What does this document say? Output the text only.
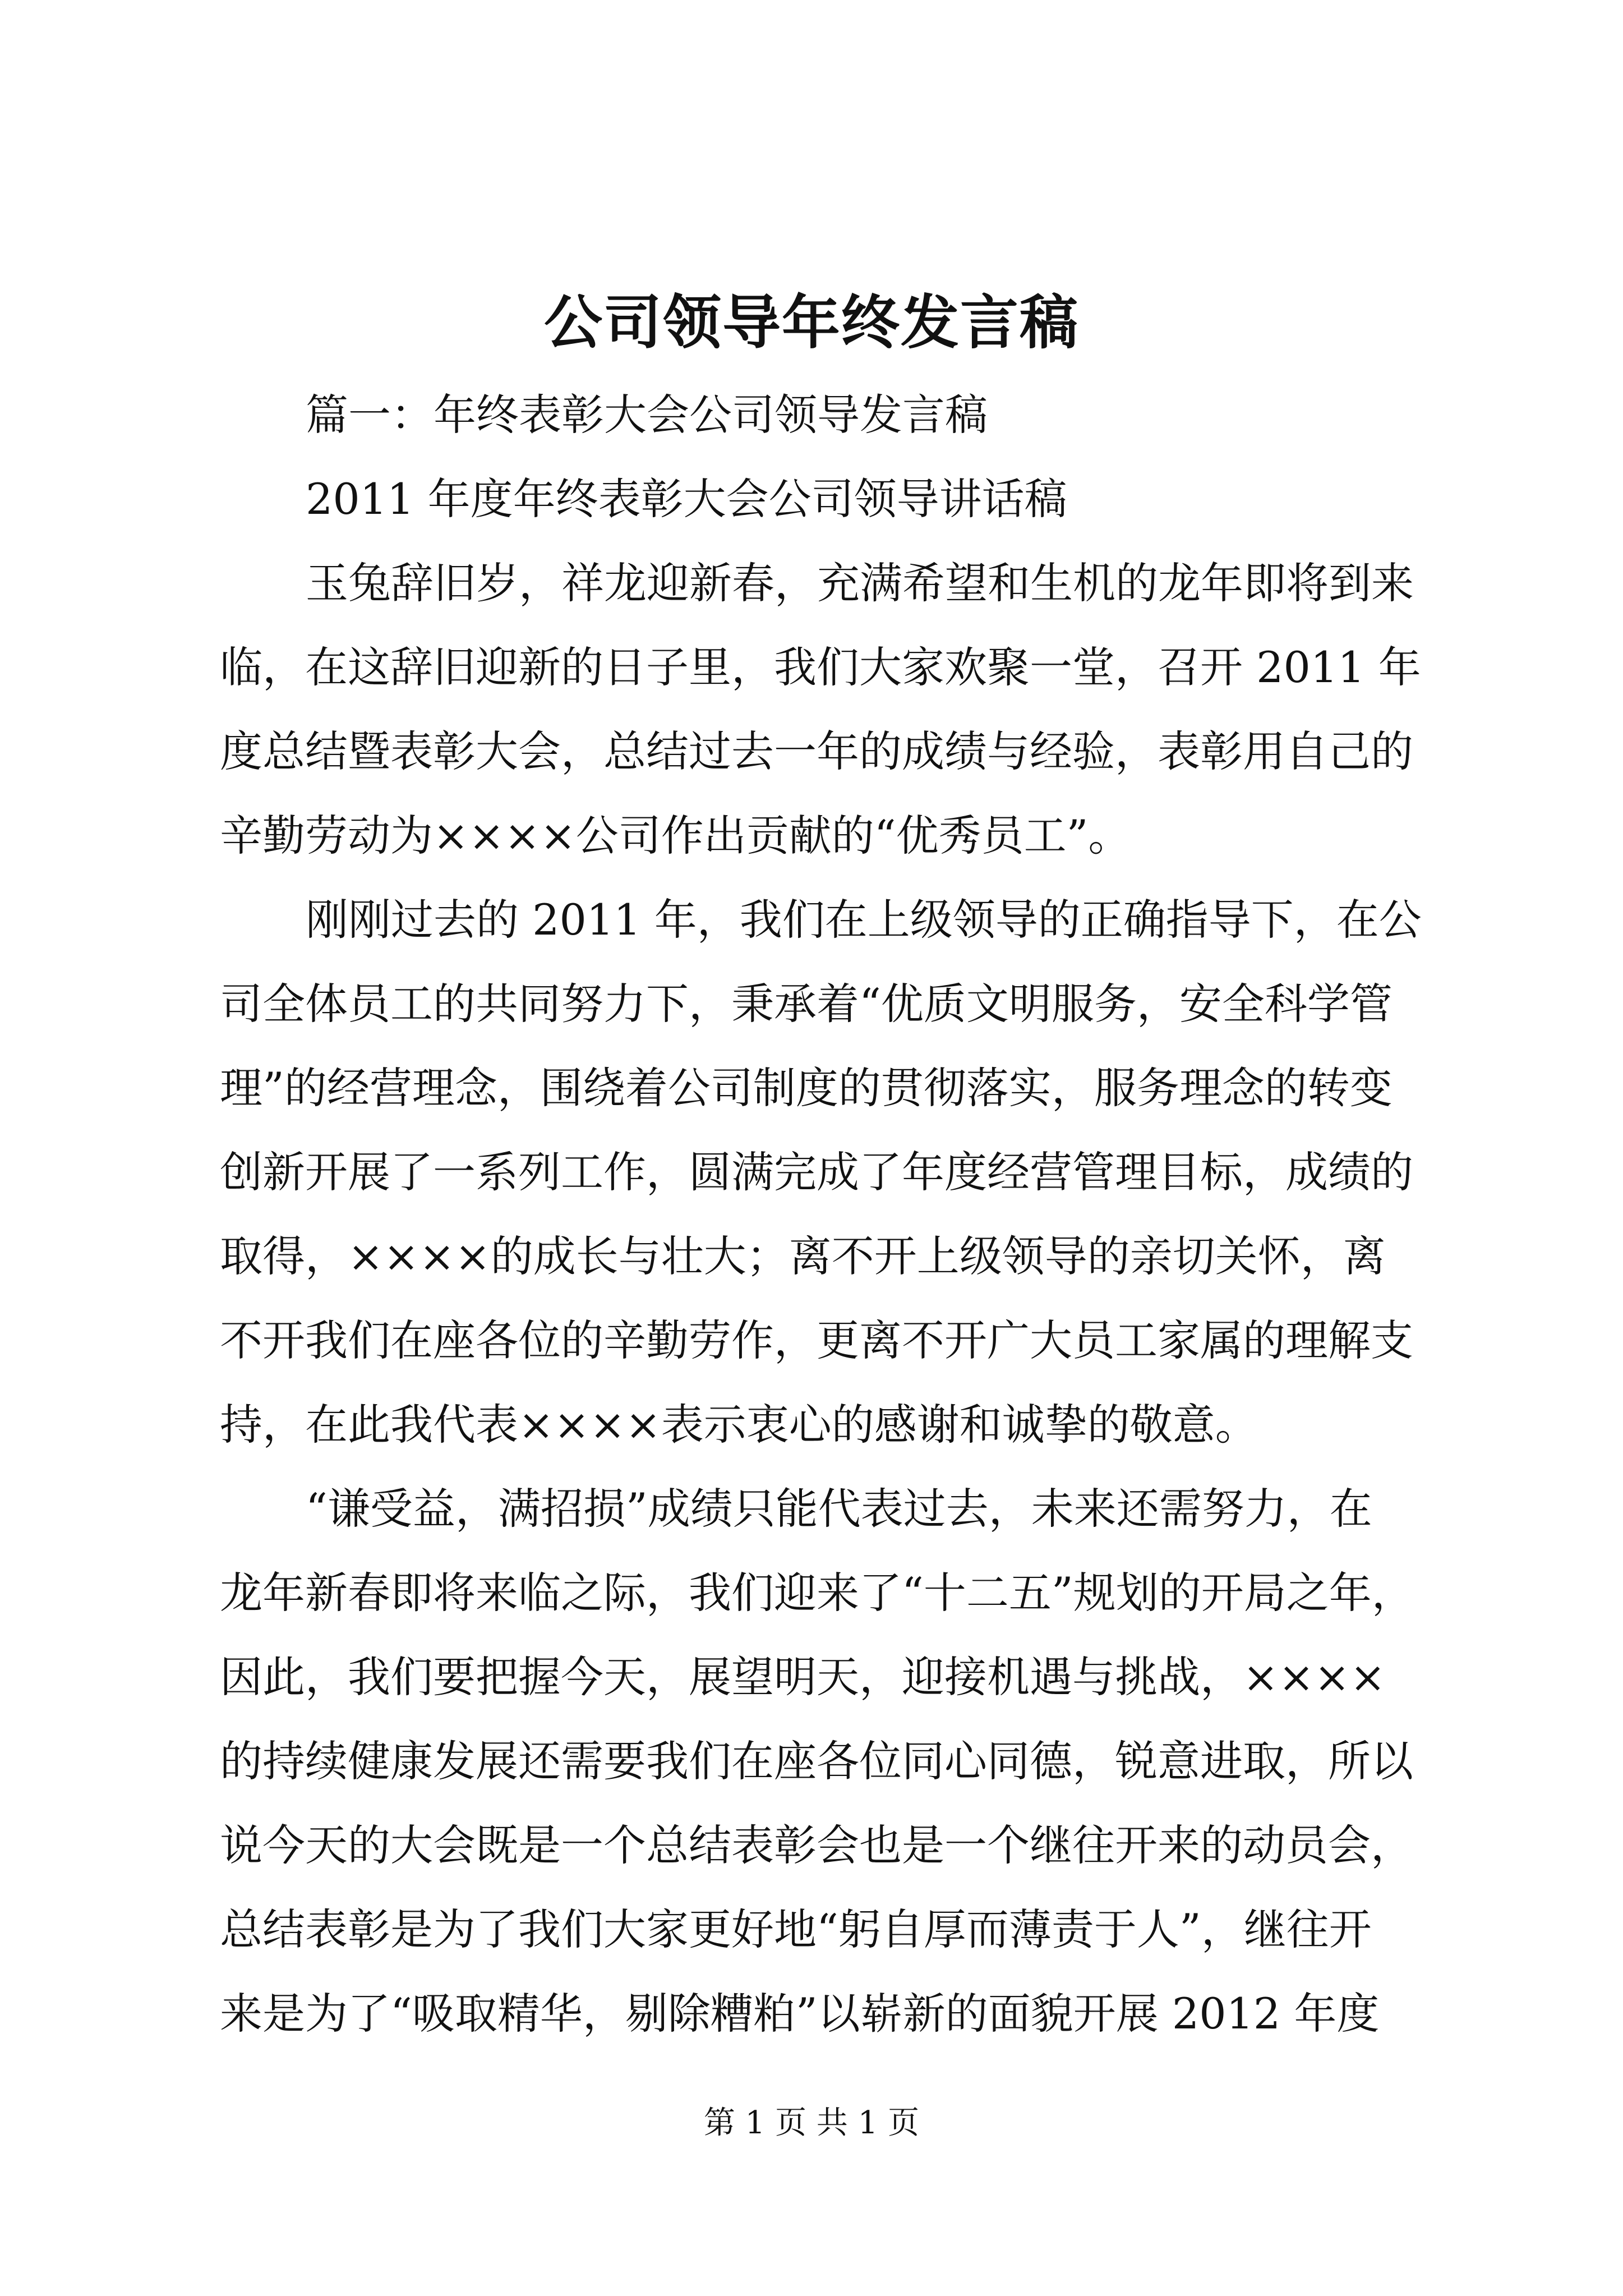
公司领导年终发言稿
篇一：年终表彰大会公司领导发言稿
2011 年度年终表彰大会公司领导讲话稿
玉兔辞旧岁，祥龙迎新春，充满希望和生机的龙年即将到来
临，在这辞旧迎新的日子里，我们大家欢聚一堂，召开 2011 年
度总结暨表彰大会，总结过去一年的成绩与经验，表彰用自己的
辛勤劳动为××××公司作出贡献的“优秀员工”。
刚刚过去的 2011 年，我们在上级领导的正确指导下，在公
司全体员工的共同努力下，秉承着“优质文明服务，安全科学管
理”的经营理念，围绕着公司制度的贯彻落实，服务理念的转变
创新开展了一系列工作，圆满完成了年度经营管理目标，成绩的
取得，××××的成长与壮大；离不开上级领导的亲切关怀，离
不开我们在座各位的辛勤劳作，更离不开广大员工家属的理解支
持，在此我代表××××表示衷心的感谢和诚挚的敬意。
“谦受益，满招损”成绩只能代表过去，未来还需努力，在
龙年新春即将来临之际，我们迎来了“十二五”规划的开局之年，
因此，我们要把握今天，展望明天，迎接机遇与挑战，××××
的持续健康发展还需要我们在座各位同心同德，锐意进取，所以
说今天的大会既是一个总结表彰会也是一个继往开来的动员会，
总结表彰是为了我们大家更好地“躬自厚而薄责于人”，继往开
来是为了“吸取精华，剔除糟粕”以崭新的面貌开展 2012 年度
第 1 页 共 1 页
